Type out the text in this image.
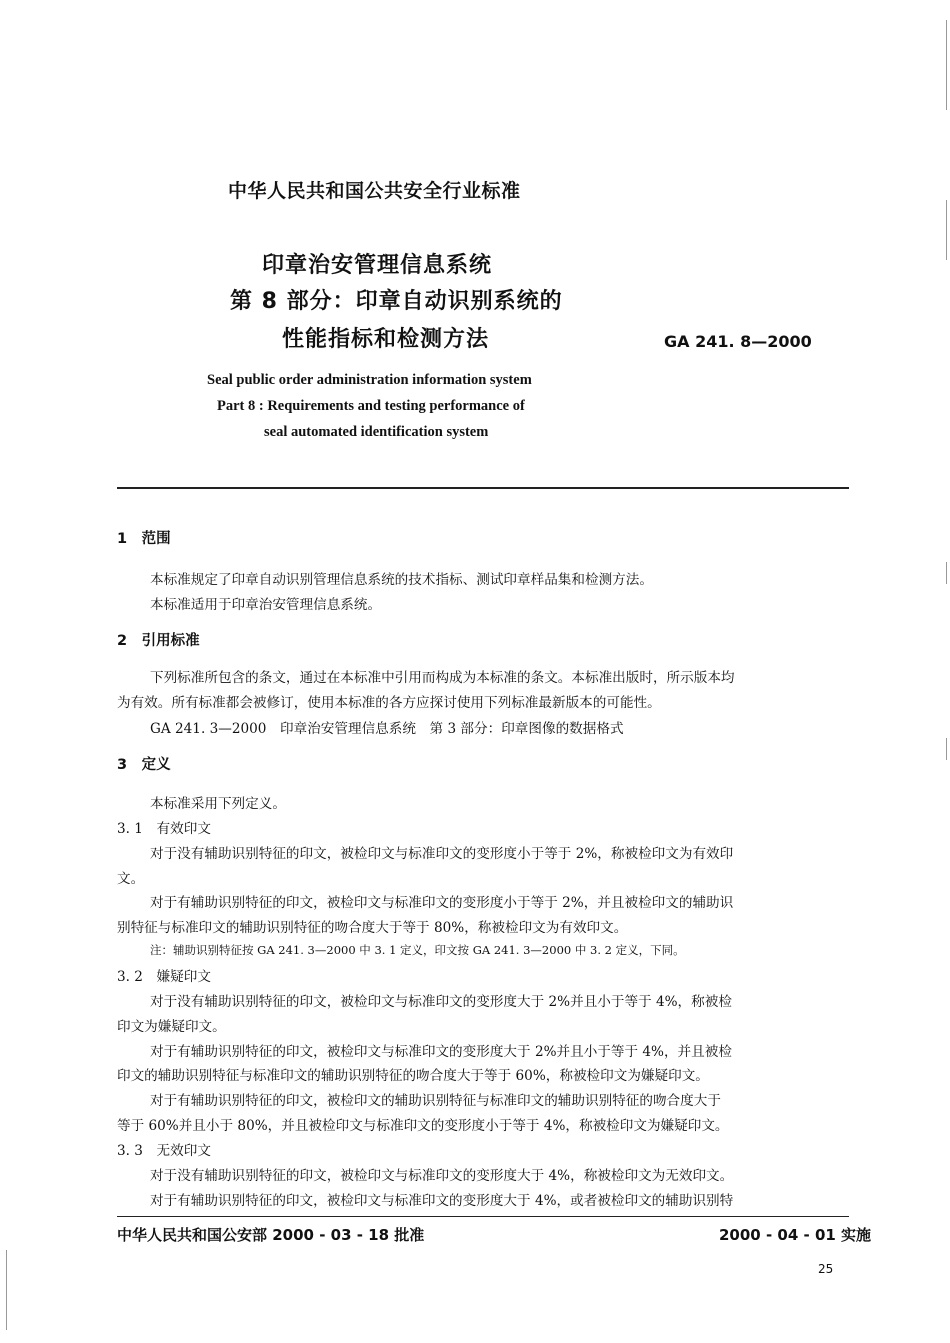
中华人民共和国公共安全行业标准
印章治安管理信息系统
第 8 部分：印章自动识别系统的
性能指标和检测方法	GA 241. 8—2000
Seal public order administration information system
Part 8 : Requirements and testing performance of
seal automated identification system
1　范围
本标准规定了印章自动识别管理信息系统的技术指标、测试印章样品集和检测方法。
本标准适用于印章治安管理信息系统。
2　引用标准
下列标准所包含的条文，通过在本标准中引用而构成为本标准的条文。本标准出版时，所示版本均
为有效。所有标准都会被修订，使用本标准的各方应探讨使用下列标准最新版本的可能性。
GA 241. 3—2000　印章治安管理信息系统　第 3 部分：印章图像的数据格式
3　定义
本标准采用下列定义。
3. 1　有效印文
对于没有辅助识别特征的印文，被检印文与标准印文的变形度小于等于 2%，称被检印文为有效印
文。
对于有辅助识别特征的印文，被检印文与标准印文的变形度小于等于 2%，并且被检印文的辅助识
别特征与标准印文的辅助识别特征的吻合度大于等于 80%，称被检印文为有效印文。
注：辅助识别特征按 GA 241. 3—2000 中 3. 1 定义，印文按 GA 241. 3—2000 中 3. 2 定义，下同。
3. 2　嫌疑印文
对于没有辅助识别特征的印文，被检印文与标准印文的变形度大于 2%并且小于等于 4%，称被检
印文为嫌疑印文。
对于有辅助识别特征的印文，被检印文与标准印文的变形度大于 2%并且小于等于 4%，并且被检
印文的辅助识别特征与标准印文的辅助识别特征的吻合度大于等于 60%，称被检印文为嫌疑印文。
对于有辅助识别特征的印文，被检印文的辅助识别特征与标准印文的辅助识别特征的吻合度大于
等于 60%并且小于 80%，并且被检印文与标准印文的变形度小于等于 4%，称被检印文为嫌疑印文。
3. 3　无效印文
对于没有辅助识别特征的印文，被检印文与标准印文的变形度大于 4%，称被检印文为无效印文。
对于有辅助识别特征的印文，被检印文与标准印文的变形度大于 4%，或者被检印文的辅助识别特
中华人民共和国公安部 2000 - 03 - 18 批准	2000 - 04 - 01 实施
25
